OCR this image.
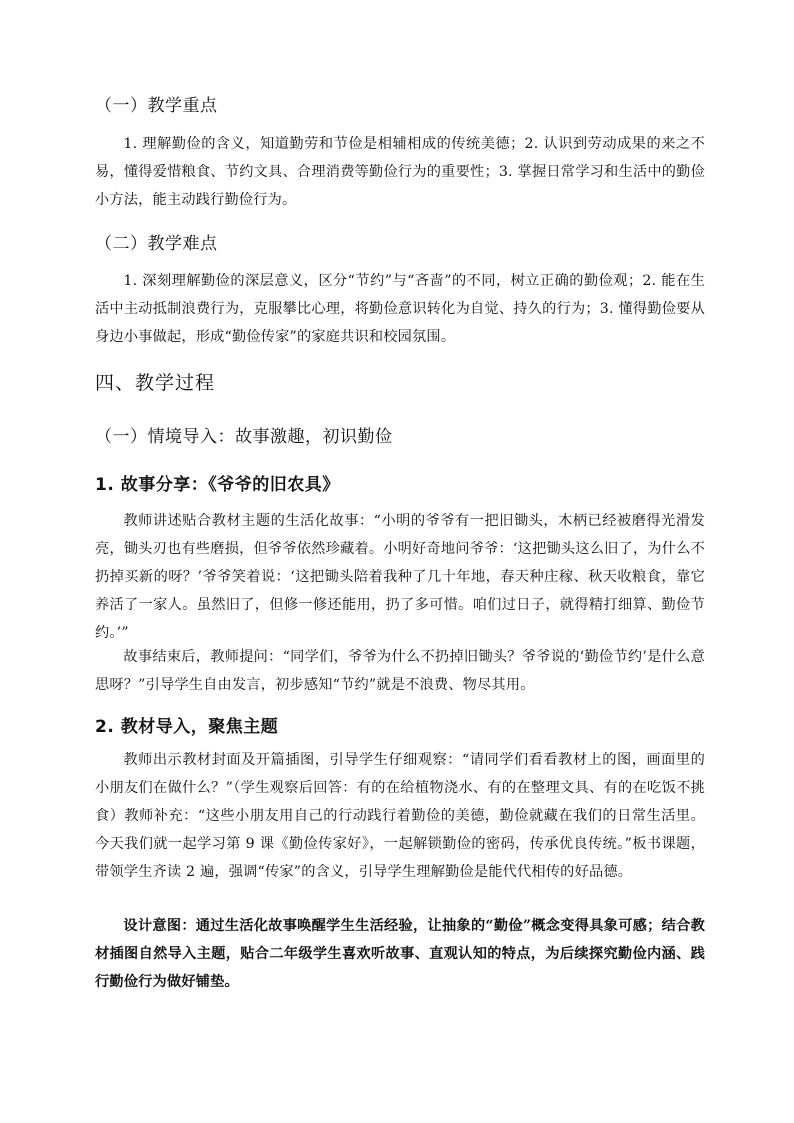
（一）教学重点

1. 理解勤俭的含义，知道勤劳和节俭是相辅相成的传统美德；2. 认识到劳动成果的来之不易，懂得爱惜粮食、节约文具、合理消费等勤俭行为的重要性；3. 掌握日常学习和生活中的勤俭小方法，能主动践行勤俭行为。

（二）教学难点

1. 深刻理解勤俭的深层意义，区分“节约”与“吝啬”的不同，树立正确的勤俭观；2. 能在生活中主动抵制浪费行为，克服攀比心理，将勤俭意识转化为自觉、持久的行为；3. 懂得勤俭要从身边小事做起，形成“勤俭传家”的家庭共识和校园氛围。

四、教学过程
（一）情境导入：故事激趣，初识勤俭
1. 故事分享：《爷爷的旧农具》

教师讲述贴合教材主题的生活化故事：“小明的爷爷有一把旧锄头，木柄已经被磨得光滑发亮，锄头刃也有些磨损，但爷爷依然珍藏着。小明好奇地问爷爷：‘这把锄头这么旧了，为什么不扔掉买新的呀？’爷爷笑着说：‘这把锄头陪着我种了几十年地，春天种庄稼、秋天收粮食，靠它养活了一家人。虽然旧了，但修一修还能用，扔了多可惜。咱们过日子，就得精打细算、勤俭节约。’”

故事结束后，教师提问：“同学们，爷爷为什么不扔掉旧锄头？爷爷说的‘勤俭节约’是什么意思呀？”引导学生自由发言，初步感知“节约”就是不浪费、物尽其用。

2. 教材导入，聚焦主题

教师出示教材封面及开篇插图，引导学生仔细观察：“请同学们看看教材上的图，画面里的小朋友们在做什么？”（学生观察后回答：有的在给植物浇水、有的在整理文具、有的在吃饭不挑食）教师补充：“这些小朋友用自己的行动践行着勤俭的美德，勤俭就藏在我们的日常生活里。今天我们就一起学习第 9 课《勤俭传家好》，一起解锁勤俭的密码，传承优良传统。”板书课题，带领学生齐读 2 遍，强调“传家”的含义，引导学生理解勤俭是能代代相传的好品德。

设计意图：通过生活化故事唤醒学生生活经验，让抽象的“勤俭”概念变得具象可感；结合教材插图自然导入主题，贴合二年级学生喜欢听故事、直观认知的特点，为后续探究勤俭内涵、践行勤俭行为做好铺垫。
